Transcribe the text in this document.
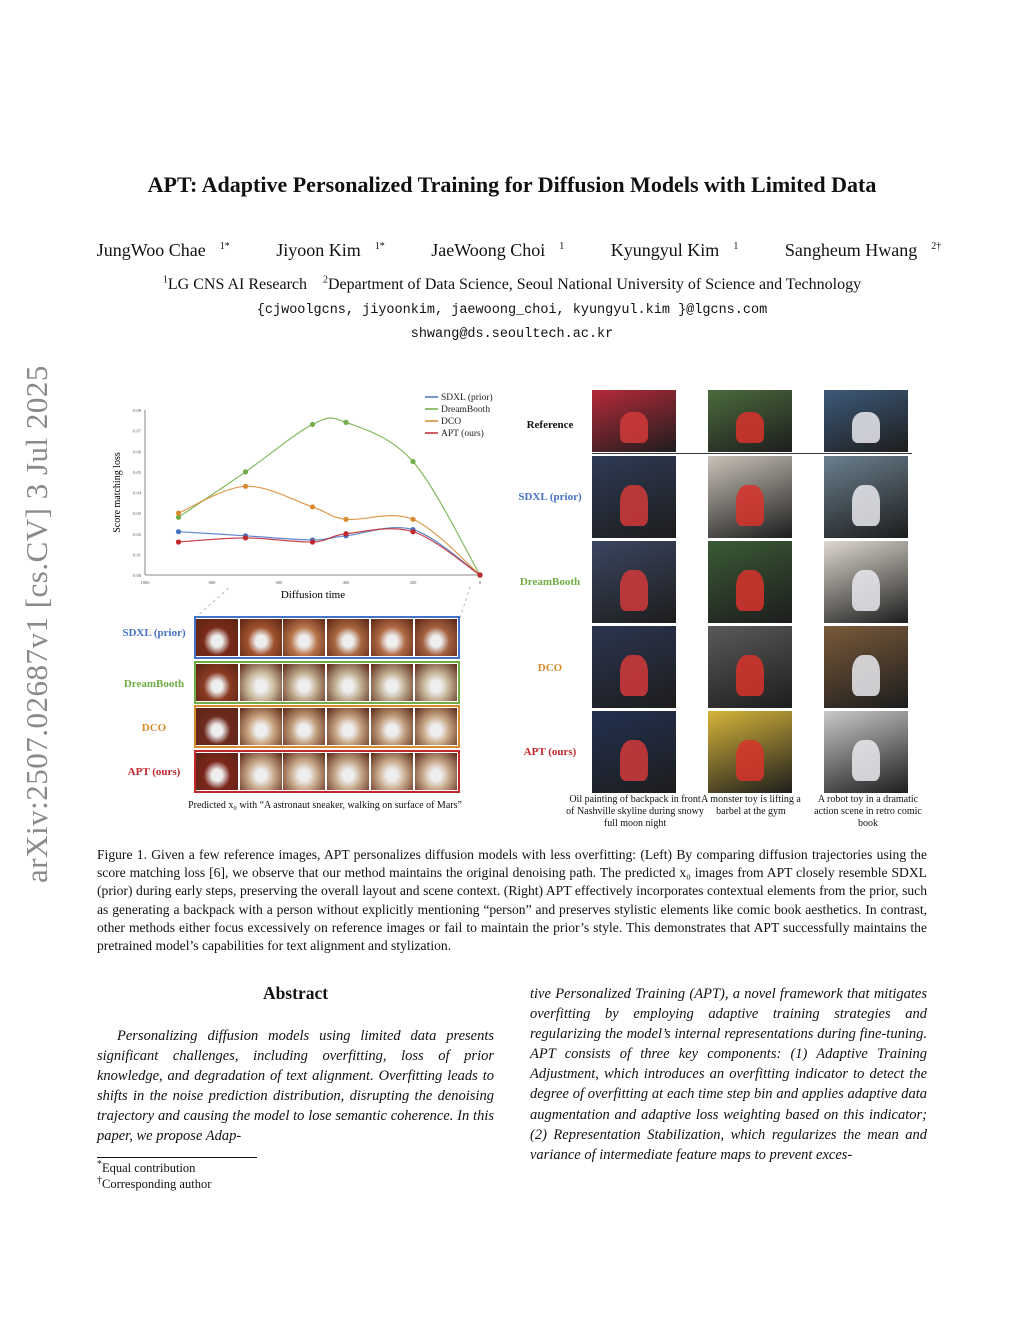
arXiv:2507.02687v1 [cs.CV] 3 Jul 2025
APT: Adaptive Personalized Training for Diffusion Models with Limited Data
JungWoo Chae $^{1*}$	Jiyoon Kim $^{1*}$	JaeWoong Choi $^1$	Kyungyul Kim $^1$	Sangheum Hwang $^{2\dagger}$
$^1$LG CNS AI Research $^2$Department of Data Science, Seoul National University of Science and Technology
{cjwoolgcns, jiyoonkim, jaewoong_choi, kyungyul.kim }@lgcns.com
shwang@ds.seoultech.ac.kr
0.00
0.01
0.02
0.03
0.04
0.05
0.06
0.07
0.08
1000	800	600	400	200	0
SDXL (prior)
DreamBooth
DCO
APT (ours)
Score matching loss
Diffusion time
SDXL (prior)
DreamBooth
DCO
APT (ours)
Predicted x₀ with “A astronaut sneaker, walking on surface of Mars”
Reference
SDXL (prior)
DreamBooth
DCO
APT (ours)
Oil painting of backpack in front of Nashville skyline during snowy full moon night
A monster toy is lifting a barbel at the gym
A robot toy in a dramatic action scene in retro comic book
Figure 1. Given a few reference images, APT personalizes diffusion models with less overfitting: (Left) By comparing diffusion trajectories using the score matching loss [6], we observe that our method maintains the original denoising path. The predicted x₀ images from APT closely resemble SDXL (prior) during early steps, preserving the overall layout and scene context. (Right) APT effectively incorporates contextual elements from the prior, such as generating a backpack with a person without explicitly mentioning “person” and preserves stylistic elements like comic book aesthetics. In contrast, other methods either focus excessively on reference images or fail to maintain the prior’s style. This demonstrates that APT successfully maintains the pretrained model’s capabilities for text alignment and stylization.
Abstract
Personalizing diffusion models using limited data presents significant challenges, including overfitting, loss of prior knowledge, and degradation of text alignment. Overfitting leads to shifts in the noise prediction distribution, disrupting the denoising trajectory and causing the model to lose semantic coherence. In this paper, we propose Adap-
tive Personalized Training (APT), a novel framework that mitigates overfitting by employing adaptive training strategies and regularizing the model’s internal representations during fine-tuning. APT consists of three key components: (1) Adaptive Training Adjustment, which introduces an overfitting indicator to detect the degree of overfitting at each time step bin and applies adaptive data augmentation and adaptive loss weighting based on this indicator; (2) Representation Stabilization, which regularizes the mean and variance of intermediate feature maps to prevent exces-
*Equal contribution
†Corresponding author
